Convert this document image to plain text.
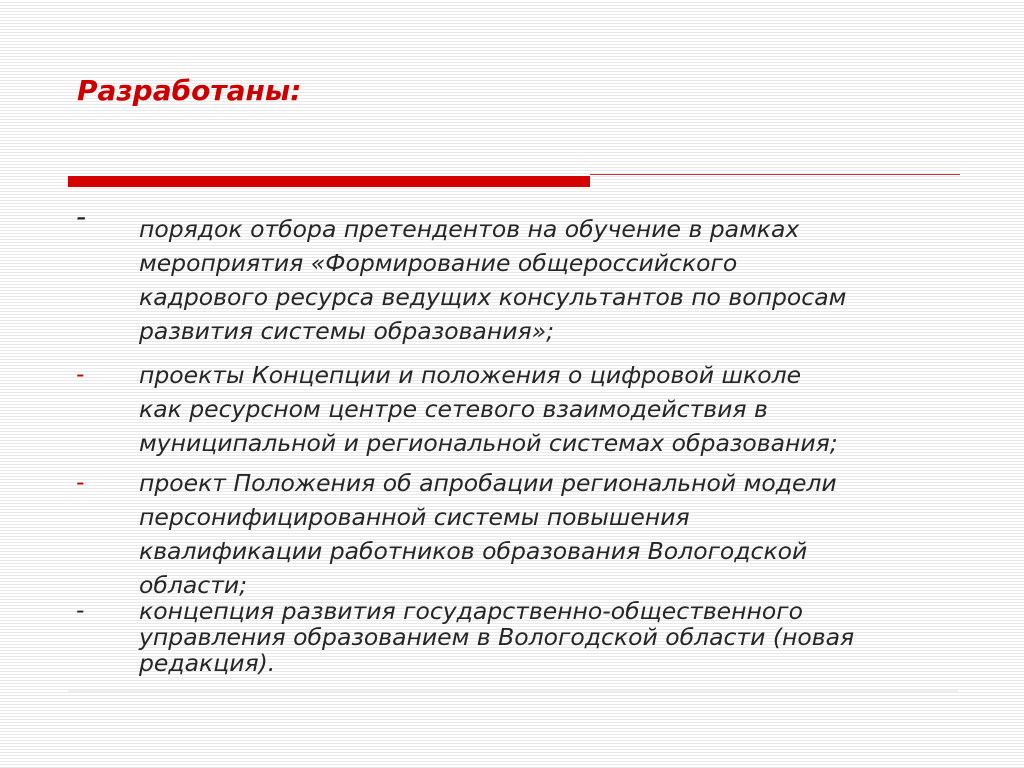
Разработаны:
- порядок отбора претендентов на обучение в рамках
мероприятия «Формирование общероссийского
кадрового ресурса ведущих консультантов по вопросам
развития системы образования»;

- проекты Концепции и положения о цифровой школе
как ресурсном центре сетевого взаимодействия в
муниципальной и региональной системах образования;

- проект Положения об апробации региональной модели
персонифицированной системы повышения
квалификации работников образования Вологодской
области;

- концепция развития государственно-общественного
управления образованием в Вологодской области (новая
редакция).
